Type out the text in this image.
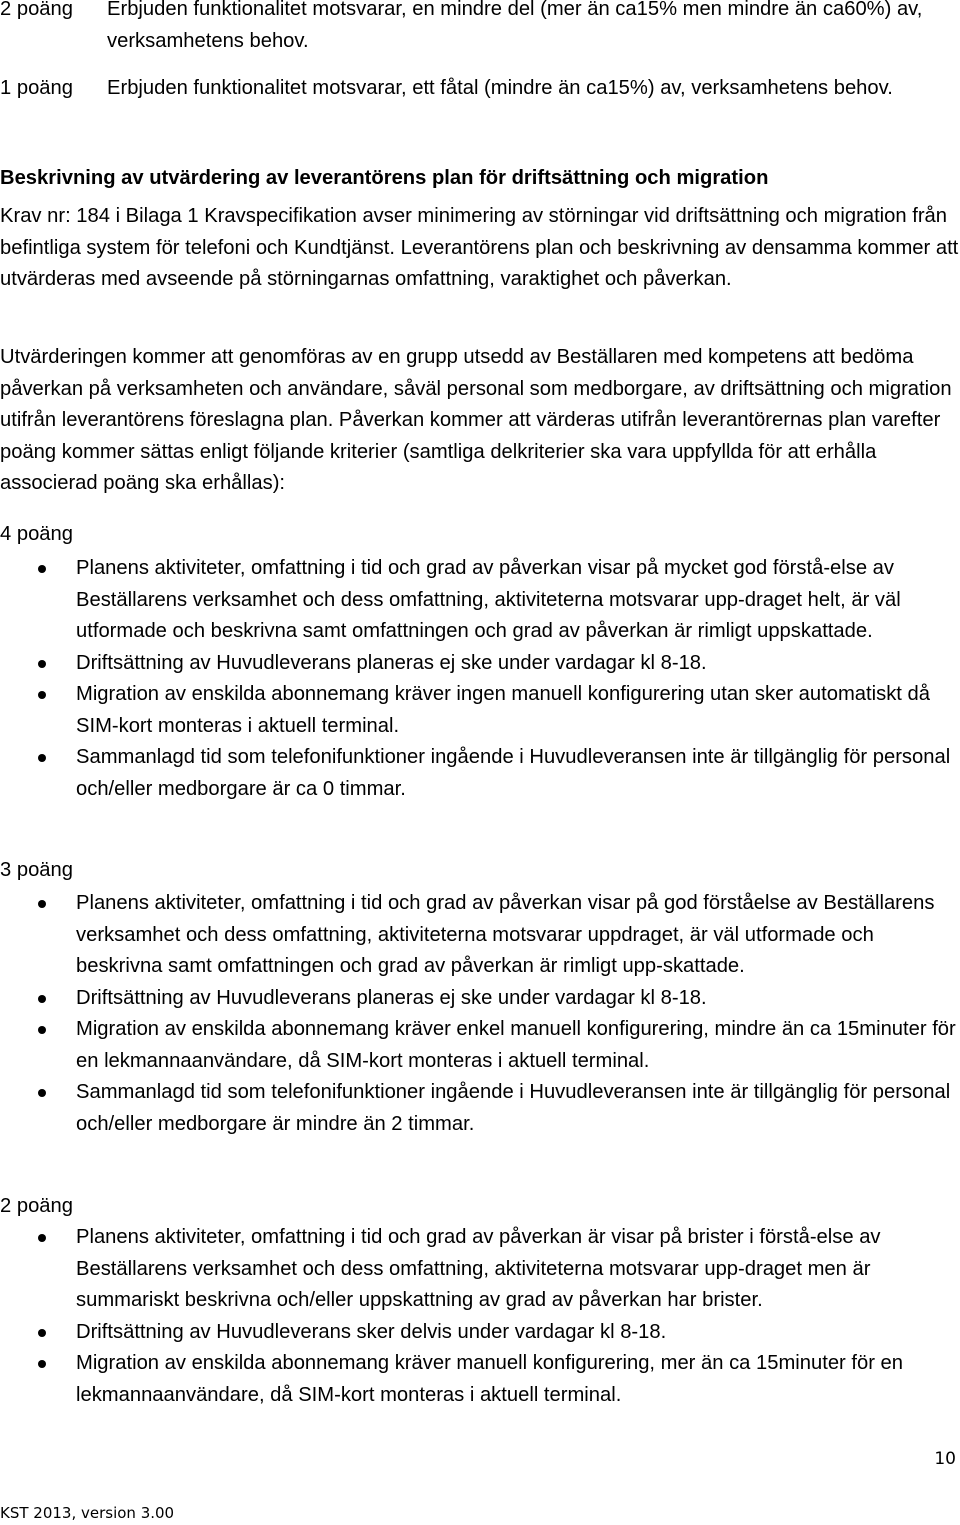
2 poäng	Erbjuden funktionalitet motsvarar, en mindre del (mer än ca15% men mindre än ca60%) av, verksamhetens behov.
1 poäng	Erbjuden funktionalitet motsvarar, ett fåtal (mindre än ca15%) av, verksamhetens behov.
Beskrivning av utvärdering av leverantörens plan för driftsättning och migration
Krav nr: 184 i Bilaga 1 Kravspecifikation avser minimering av störningar vid driftsättning och migration från befintliga system för telefoni och Kundtjänst. Leverantörens plan och beskrivning av densamma kommer att utvärderas med avseende på störningarnas omfattning, varaktighet och påverkan.
Utvärderingen kommer att genomföras av en grupp utsedd av Beställaren med kompetens att bedöma påverkan på verksamheten och användare, såväl personal som medborgare, av driftsättning och migration utifrån leverantörens föreslagna plan. Påverkan kommer att värderas utifrån leverantörernas plan varefter poäng kommer sättas enligt följande kriterier (samtliga delkriterier ska vara uppfyllda för att erhålla associerad poäng ska erhållas):
4 poäng
Planens aktiviteter, omfattning i tid och grad av påverkan visar på mycket god förstå-else av Beställarens verksamhet och dess omfattning, aktiviteterna motsvarar upp-draget helt, är väl utformade och beskrivna samt omfattningen och grad av påverkan är rimligt uppskattade.
Driftsättning av Huvudleverans planeras ej ske under vardagar kl 8-18.
Migration av enskilda abonnemang kräver ingen manuell konfigurering utan sker automatiskt då SIM-kort monteras i aktuell terminal.
Sammanlagd tid som telefonifunktioner ingående i Huvudleveransen inte är tillgänglig för personal och/eller medborgare är ca 0 timmar.
3 poäng
Planens aktiviteter, omfattning i tid och grad av påverkan visar på god förståelse av Beställarens verksamhet och dess omfattning, aktiviteterna motsvarar uppdraget, är väl utformade och beskrivna samt omfattningen och grad av påverkan är rimligt upp-skattade.
Driftsättning av Huvudleverans planeras ej ske under vardagar kl 8-18.
Migration av enskilda abonnemang kräver enkel manuell konfigurering, mindre än ca 15minuter för en lekmannaanvändare, då SIM-kort monteras i aktuell terminal.
Sammanlagd tid som telefonifunktioner ingående i Huvudleveransen inte är tillgänglig för personal och/eller medborgare är mindre än 2 timmar.
2 poäng
Planens aktiviteter, omfattning i tid och grad av påverkan är visar på brister i förstå-else av Beställarens verksamhet och dess omfattning, aktiviteterna motsvarar upp-draget men är summariskt beskrivna och/eller uppskattning av grad av påverkan har brister.
Driftsättning av Huvudleverans sker delvis under vardagar kl 8-18.
Migration av enskilda abonnemang kräver manuell konfigurering, mer än ca 15minuter för en lekmannaanvändare, då SIM-kort monteras i aktuell terminal.
10
KST 2013, version 3.00
